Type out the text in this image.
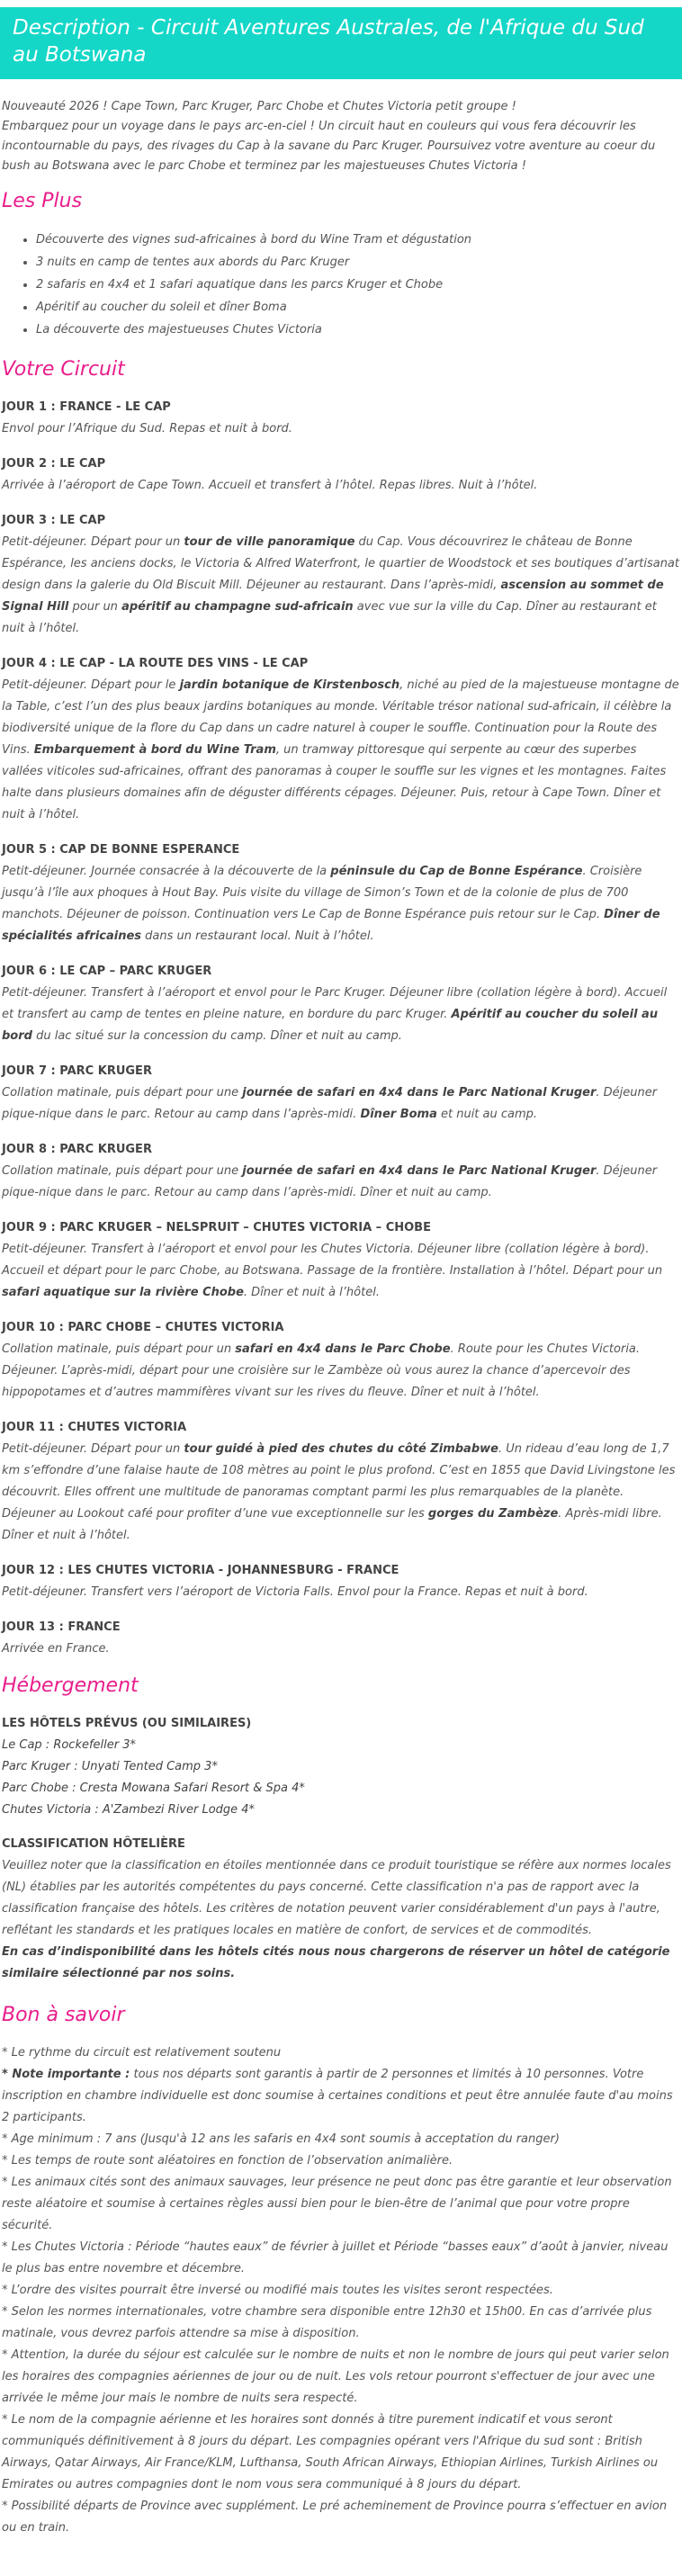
Description - Circuit Aventures Australes, de l'Afrique du Sud au Botswana

Nouveauté 2026 ! Cape Town, Parc Kruger, Parc Chobe et Chutes Victoria petit groupe !

Embarquez pour un voyage dans le pays arc-en-ciel ! Un circuit haut en couleurs qui vous fera découvrir les incontournable du pays, des rivages du Cap à la savane du Parc Kruger. Poursuivez votre aventure au coeur du bush au Botswana avec le parc Chobe et terminez par les majestueuses Chutes Victoria !

Les Plus
• Découverte des vignes sud-africaines à bord du Wine Tram et dégustation
• 3 nuits en camp de tentes aux abords du Parc Kruger
• 2 safaris en 4x4 et 1 safari aquatique dans les parcs Kruger et Chobe
• Apéritif au coucher du soleil et dîner Boma
• La découverte des majestueuses Chutes Victoria
Votre Circuit
JOUR 1 : FRANCE - LE CAP
Envol pour l’Afrique du Sud. Repas et nuit à bord.
JOUR 2 : LE CAP
Arrivée à l’aéroport de Cape Town. Accueil et transfert à l’hôtel. Repas libres. Nuit à l’hôtel.
JOUR 3 : LE CAP
Petit-déjeuner. Départ pour un tour de ville panoramique du Cap. Vous découvrirez le château de Bonne Espérance, les anciens docks, le Victoria & Alfred Waterfront, le quartier de Woodstock et ses boutiques d’artisanat design dans la galerie du Old Biscuit Mill. Déjeuner au restaurant. Dans l’après-midi, ascension au sommet de Signal Hill pour un apéritif au champagne sud-africain avec vue sur la ville du Cap. Dîner au restaurant et nuit à l’hôtel.
JOUR 4 : LE CAP - LA ROUTE DES VINS - LE CAP
Petit-déjeuner. Départ pour le jardin botanique de Kirstenbosch, niché au pied de la majestueuse montagne de la Table, c’est l’un des plus beaux jardins botaniques au monde. Véritable trésor national sud-africain, il célèbre la biodiversité unique de la flore du Cap dans un cadre naturel à couper le souffle. Continuation pour la Route des Vins. Embarquement à bord du Wine Tram, un tramway pittoresque qui serpente au cœur des superbes vallées viticoles sud-africaines, offrant des panoramas à couper le souffle sur les vignes et les montagnes. Faites halte dans plusieurs domaines afin de déguster différents cépages. Déjeuner. Puis, retour à Cape Town. Dîner et nuit à l’hôtel.
JOUR 5 : CAP DE BONNE ESPERANCE
Petit-déjeuner. Journée consacrée à la découverte de la péninsule du Cap de Bonne Espérance. Croisière jusqu’à l’île aux phoques à Hout Bay. Puis visite du village de Simon’s Town et de la colonie de plus de 700 manchots. Déjeuner de poisson. Continuation vers Le Cap de Bonne Espérance puis retour sur le Cap. Dîner de spécialités africaines dans un restaurant local. Nuit à l’hôtel.
JOUR 6 : LE CAP – PARC KRUGER
Petit-déjeuner. Transfert à l’aéroport et envol pour le Parc Kruger. Déjeuner libre (collation légère à bord). Accueil et transfert au camp de tentes en pleine nature, en bordure du parc Kruger. Apéritif au coucher du soleil au bord du lac situé sur la concession du camp. Dîner et nuit au camp.
JOUR 7 : PARC KRUGER
Collation matinale, puis départ pour une journée de safari en 4x4 dans le Parc National Kruger. Déjeuner pique-nique dans le parc. Retour au camp dans l’après-midi. Dîner Boma et nuit au camp.
JOUR 8 : PARC KRUGER
Collation matinale, puis départ pour une journée de safari en 4x4 dans le Parc National Kruger. Déjeuner pique-nique dans le parc. Retour au camp dans l’après-midi. Dîner et nuit au camp.
JOUR 9 : PARC KRUGER – NELSPRUIT – CHUTES VICTORIA – CHOBE
Petit-déjeuner. Transfert à l’aéroport et envol pour les Chutes Victoria. Déjeuner libre (collation légère à bord). Accueil et départ pour le parc Chobe, au Botswana. Passage de la frontière. Installation à l’hôtel. Départ pour un safari aquatique sur la rivière Chobe. Dîner et nuit à l’hôtel.
JOUR 10 : PARC CHOBE – CHUTES VICTORIA
Collation matinale, puis départ pour un safari en 4x4 dans le Parc Chobe. Route pour les Chutes Victoria. Déjeuner. L’après-midi, départ pour une croisière sur le Zambèze où vous aurez la chance d’apercevoir des hippopotames et d’autres mammifères vivant sur les rives du fleuve. Dîner et nuit à l’hôtel.
JOUR 11 : CHUTES VICTORIA
Petit-déjeuner. Départ pour un tour guidé à pied des chutes du côté Zimbabwe. Un rideau d’eau long de 1,7 km s’effondre d’une falaise haute de 108 mètres au point le plus profond. C’est en 1855 que David Livingstone les découvrit. Elles offrent une multitude de panoramas comptant parmi les plus remarquables de la planète. Déjeuner au Lookout café pour profiter d’une vue exceptionnelle sur les gorges du Zambèze. Après-midi libre. Dîner et nuit à l’hôtel.
JOUR 12 : LES CHUTES VICTORIA - JOHANNESBURG - FRANCE
Petit-déjeuner. Transfert vers l’aéroport de Victoria Falls. Envol pour la France. Repas et nuit à bord.
JOUR 13 : FRANCE
Arrivée en France.
Hébergement
LES HÔTELS PRÉVUS (OU SIMILAIRES)
Le Cap : Rockefeller 3*
Parc Kruger : Unyati Tented Camp 3*
Parc Chobe : Cresta Mowana Safari Resort & Spa 4*
Chutes Victoria : A'Zambezi River Lodge 4*
CLASSIFICATION HÔTELIÈRE
Veuillez noter que la classification en étoiles mentionnée dans ce produit touristique se réfère aux normes locales (NL) établies par les autorités compétentes du pays concerné. Cette classification n'a pas de rapport avec la classification française des hôtels. Les critères de notation peuvent varier considérablement d'un pays à l'autre, reflétant les standards et les pratiques locales en matière de confort, de services et de commodités.
En cas d’indisponibilité dans les hôtels cités nous nous chargerons de réserver un hôtel de catégorie similaire sélectionné par nos soins.
Bon à savoir
* Le rythme du circuit est relativement soutenu
* Note importante : tous nos départs sont garantis à partir de 2 personnes et limités à 10 personnes. Votre inscription en chambre individuelle est donc soumise à certaines conditions et peut être annulée faute d'au moins 2 participants.
* Age minimum : 7 ans (Jusqu'à 12 ans les safaris en 4x4 sont soumis à acceptation du ranger)
* Les temps de route sont aléatoires en fonction de l’observation animalière.
* Les animaux cités sont des animaux sauvages, leur présence ne peut donc pas être garantie et leur observation reste aléatoire et soumise à certaines règles aussi bien pour le bien-être de l’animal que pour votre propre sécurité.
* Les Chutes Victoria : Période “hautes eaux” de février à juillet et Période “basses eaux” d’août à janvier, niveau le plus bas entre novembre et décembre.
* L’ordre des visites pourrait être inversé ou modifié mais toutes les visites seront respectées.
* Selon les normes internationales, votre chambre sera disponible entre 12h30 et 15h00. En cas d’arrivée plus matinale, vous devrez parfois attendre sa mise à disposition.
* Attention, la durée du séjour est calculée sur le nombre de nuits et non le nombre de jours qui peut varier selon les horaires des compagnies aériennes de jour ou de nuit. Les vols retour pourront s'effectuer de jour avec une arrivée le même jour mais le nombre de nuits sera respecté.
* Le nom de la compagnie aérienne et les horaires sont donnés à titre purement indicatif et vous seront communiqués définitivement à 8 jours du départ. Les compagnies opérant vers l'Afrique du sud sont : British Airways, Qatar Airways, Air France/KLM, Lufthansa, South African Airways, Ethiopian Airlines, Turkish Airlines ou Emirates ou autres compagnies dont le nom vous sera communiqué à 8 jours du départ.
* Possibilité départs de Province avec supplément. Le pré acheminement de Province pourra s’effectuer en avion ou en train.
